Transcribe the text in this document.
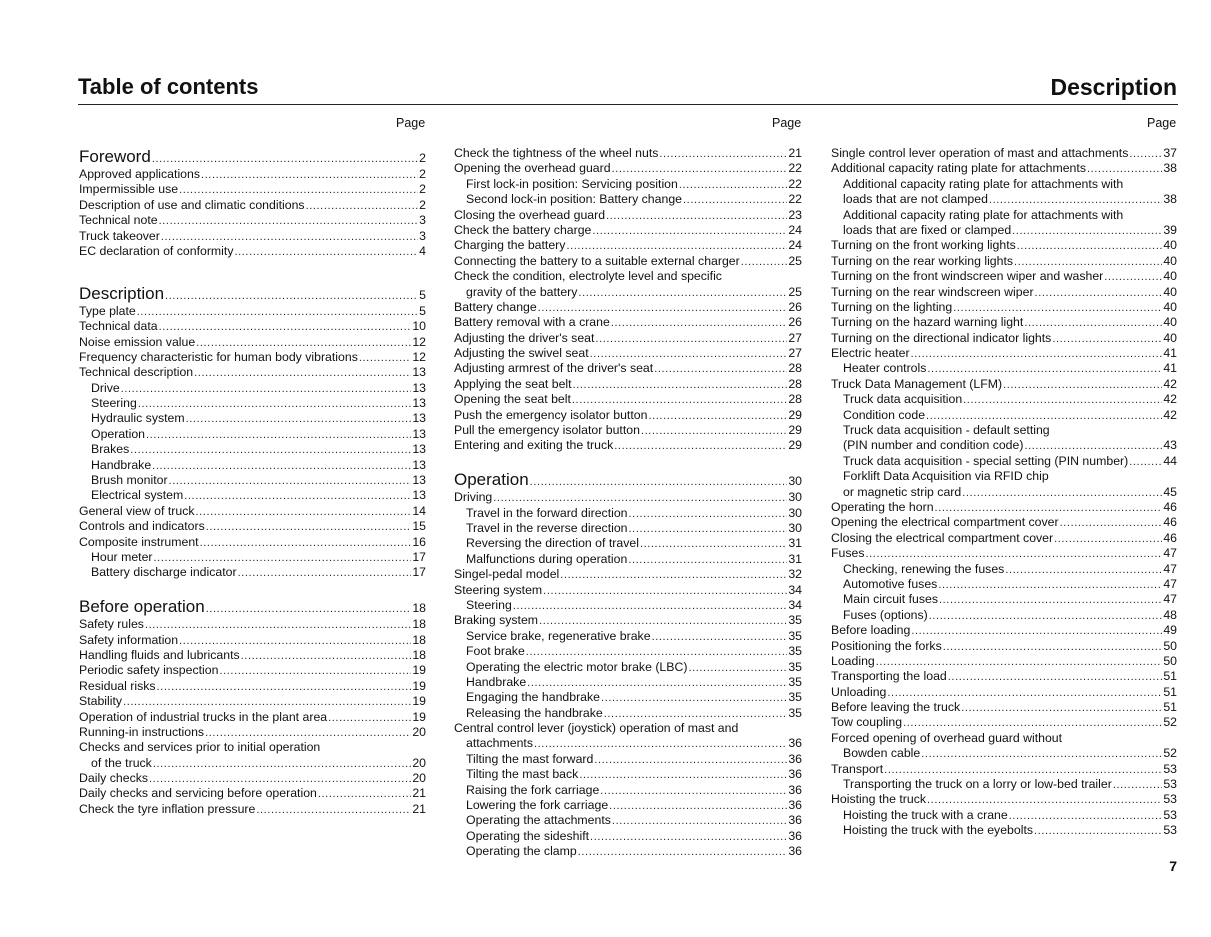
Table of contents	Description
Page	Page	Page
Foreword .....	2
Approved applications .....	2
Impermissible use .....	2
Description of use and climatic conditions .....	2
Technical note .....	3
Truck takeover .....	3
EC declaration of conformity .....	4
Description .....	5
Type plate .....	5
Technical data .....	10
Noise emission value .....	12
Frequency characteristic for human body vibrations .....	12
Technical description .....	13
Drive .....	13
Steering .....	13
Hydraulic system .....	13
Operation .....	13
Brakes .....	13
Handbrake .....	13
Brush monitor .....	13
Electrical system .....	13
General view of truck .....	14
Controls and indicators .....	15
Composite instrument .....	16
Hour meter .....	17
Battery discharge indicator .....	17
Before operation .....	18
Safety rules .....	18
Safety information .....	18
Handling fluids and lubricants .....	18
Periodic safety inspection .....	19
Residual risks .....	19
Stability .....	19
Operation of industrial trucks in the plant area .....	19
Running-in instructions .....	20
Checks and services prior to initial operation
of the truck .....	20
Daily checks .....	20
Daily checks and servicing before operation .....	21
Check the tyre inflation pressure .....	21
Check the tightness of the wheel nuts .....	21
Opening the overhead guard .....	22
First lock-in position: Servicing position .....	22
Second lock-in position: Battery change .....	22
Closing the overhead guard .....	23
Check the battery charge .....	24
Charging the battery .....	24
Connecting the battery to a suitable external charger .....	25
Check the condition, electrolyte level and specific
gravity of the battery .....	25
Battery change .....	26
Battery removal with a crane .....	26
Adjusting the driver's seat .....	27
Adjusting the swivel seat .....	27
Adjusting armrest of the driver's seat .....	28
Applying the seat belt .....	28
Opening the seat belt .....	28
Push the emergency isolator button .....	29
Pull the emergency isolator button .....	29
Entering and exiting the truck .....	29
Operation .....	30
Driving .....	30
Travel in the forward direction .....	30
Travel in the reverse direction .....	30
Reversing the direction of travel .....	31
Malfunctions during operation .....	31
Singel-pedal model .....	32
Steering system .....	34
Steering .....	34
Braking system .....	35
Service brake, regenerative brake .....	35
Foot brake .....	35
Operating the electric motor brake (LBC) .....	35
Handbrake .....	35
Engaging the handbrake .....	35
Releasing the handbrake .....	35
Central control lever (joystick) operation of mast and
attachments .....	36
Tilting the mast forward .....	36
Tilting the mast back .....	36
Raising the fork carriage .....	36
Lowering the fork carriage .....	36
Operating the attachments .....	36
Operating the sideshift .....	36
Operating the clamp .....	36
Single control lever operation of mast and attachments .....	37
Additional capacity rating plate for attachments .....	38
Additional capacity rating plate for attachments with
loads that are not clamped .....	38
Additional capacity rating plate for attachments with
loads that are fixed or clamped .....	39
Turning on the front working lights .....	40
Turning on the rear working lights .....	40
Turning on the front windscreen wiper and washer .....	40
Turning on the rear windscreen wiper .....	40
Turning on the lighting .....	40
Turning on the hazard warning light .....	40
Turning on the directional indicator lights .....	40
Electric heater .....	41
Heater controls .....	41
Truck Data Management (LFM) .....	42
Truck data acquisition .....	42
Condition code .....	42
Truck data acquisition - default setting
(PIN number and condition code) .....	43
Truck data acquisition - special setting (PIN number) .....	44
Forklift Data Acquisition via RFID chip
or magnetic strip card .....	45
Operating the horn .....	46
Opening the electrical compartment cover .....	46
Closing the electrical compartment cover .....	46
Fuses .....	47
Checking, renewing the fuses .....	47
Automotive fuses .....	47
Main circuit fuses .....	47
Fuses (options) .....	48
Before loading .....	49
Positioning the forks .....	50
Loading .....	50
Transporting the load .....	51
Unloading .....	51
Before leaving the truck .....	51
Tow coupling .....	52
Forced opening of overhead guard without
Bowden cable .....	52
Transport .....	53
Transporting the truck on a lorry or low-bed trailer .....	53
Hoisting the truck .....	53
Hoisting the truck with a crane .....	53
Hoisting the truck with the eyebolts .....	53
7
